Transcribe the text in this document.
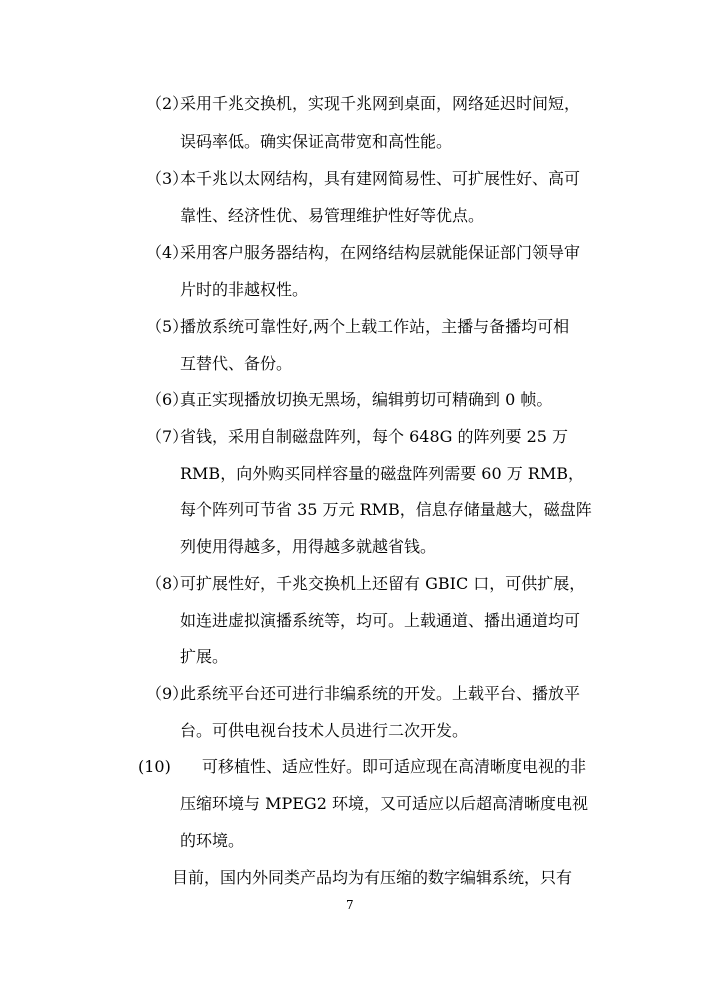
（2）
采用千兆交换机，实现千兆网到桌面，网络延迟时间短，
误码率低。确实保证高带宽和高性能。
（3）
本千兆以太网结构，具有建网简易性、可扩展性好、高可
靠性、经济性优、易管理维护性好等优点。
（4）
采用客户服务器结构，在网络结构层就能保证部门领导审
片时的非越权性。
（5）
播放系统可靠性好,两个上载工作站，主播与备播均可相
互替代、备份。
（6）
真正实现播放切换无黑场，编辑剪切可精确到 0 帧。
（7）
省钱，采用自制磁盘阵列，每个 648G 的阵列要 25 万
RMB，向外购买同样容量的磁盘阵列需要 60 万 RMB，
每个阵列可节省 35 万元 RMB，信息存储量越大，磁盘阵
列使用得越多，用得越多就越省钱。
（8）
可扩展性好，千兆交换机上还留有 GBIC 口，可供扩展，
如连进虚拟演播系统等，均可。上载通道、播出通道均可
扩展。
（9）
此系统平台还可进行非编系统的开发。上载平台、播放平
台。可供电视台技术人员进行二次开发。
(10) 可移植性、适应性好。即可适应现在高清晰度电视的非
压缩环境与 MPEG2 环境，又可适应以后超高清晰度电视
的环境。
目前，国内外同类产品均为有压缩的数字编辑系统，只有
7
